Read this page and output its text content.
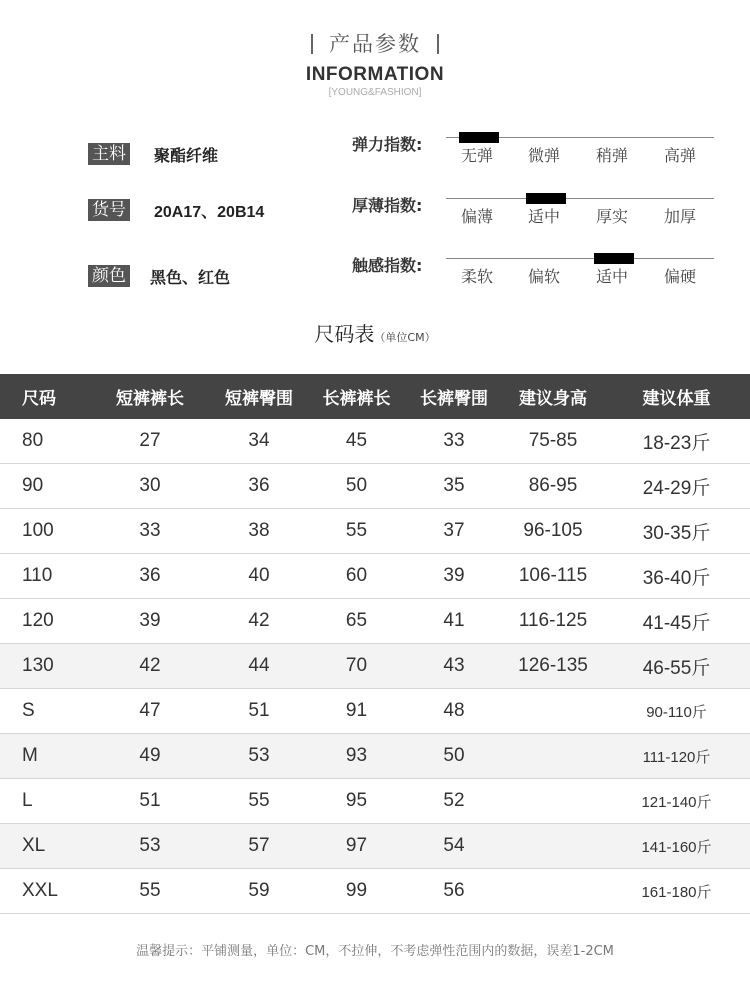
产品参数
INFORMATION
[YOUNG&FASHION]
主料 聚酯纤维
货号 20A17、20B14
颜色 黑色、红色
弹力指数:
无弹 微弹 稍弹 高弹
厚薄指数:
偏薄 适中 厚实 加厚
触感指数:
柔软 偏软 适中 偏硬
尺码表（单位CM）
尺码	短裤裤长	短裤臀围	长裤裤长	长裤臀围	建议身高	建议体重
80	27	34	45	33	75-85	18-23斤
90	30	36	50	35	86-95	24-29斤
100	33	38	55	37	96-105	30-35斤
110	36	40	60	39	106-115	36-40斤
120	39	42	65	41	116-125	41-45斤
130	42	44	70	43	126-135	46-55斤
S	47	51	91	48		90-110斤
M	49	53	93	50		111-120斤
L	51	55	95	52		121-140斤
XL	53	57	97	54		141-160斤
XXL	55	59	99	56		161-180斤
温馨提示：平铺测量，单位：CM，不拉伸，不考虑弹性范围内的数据，误差1-2CM
